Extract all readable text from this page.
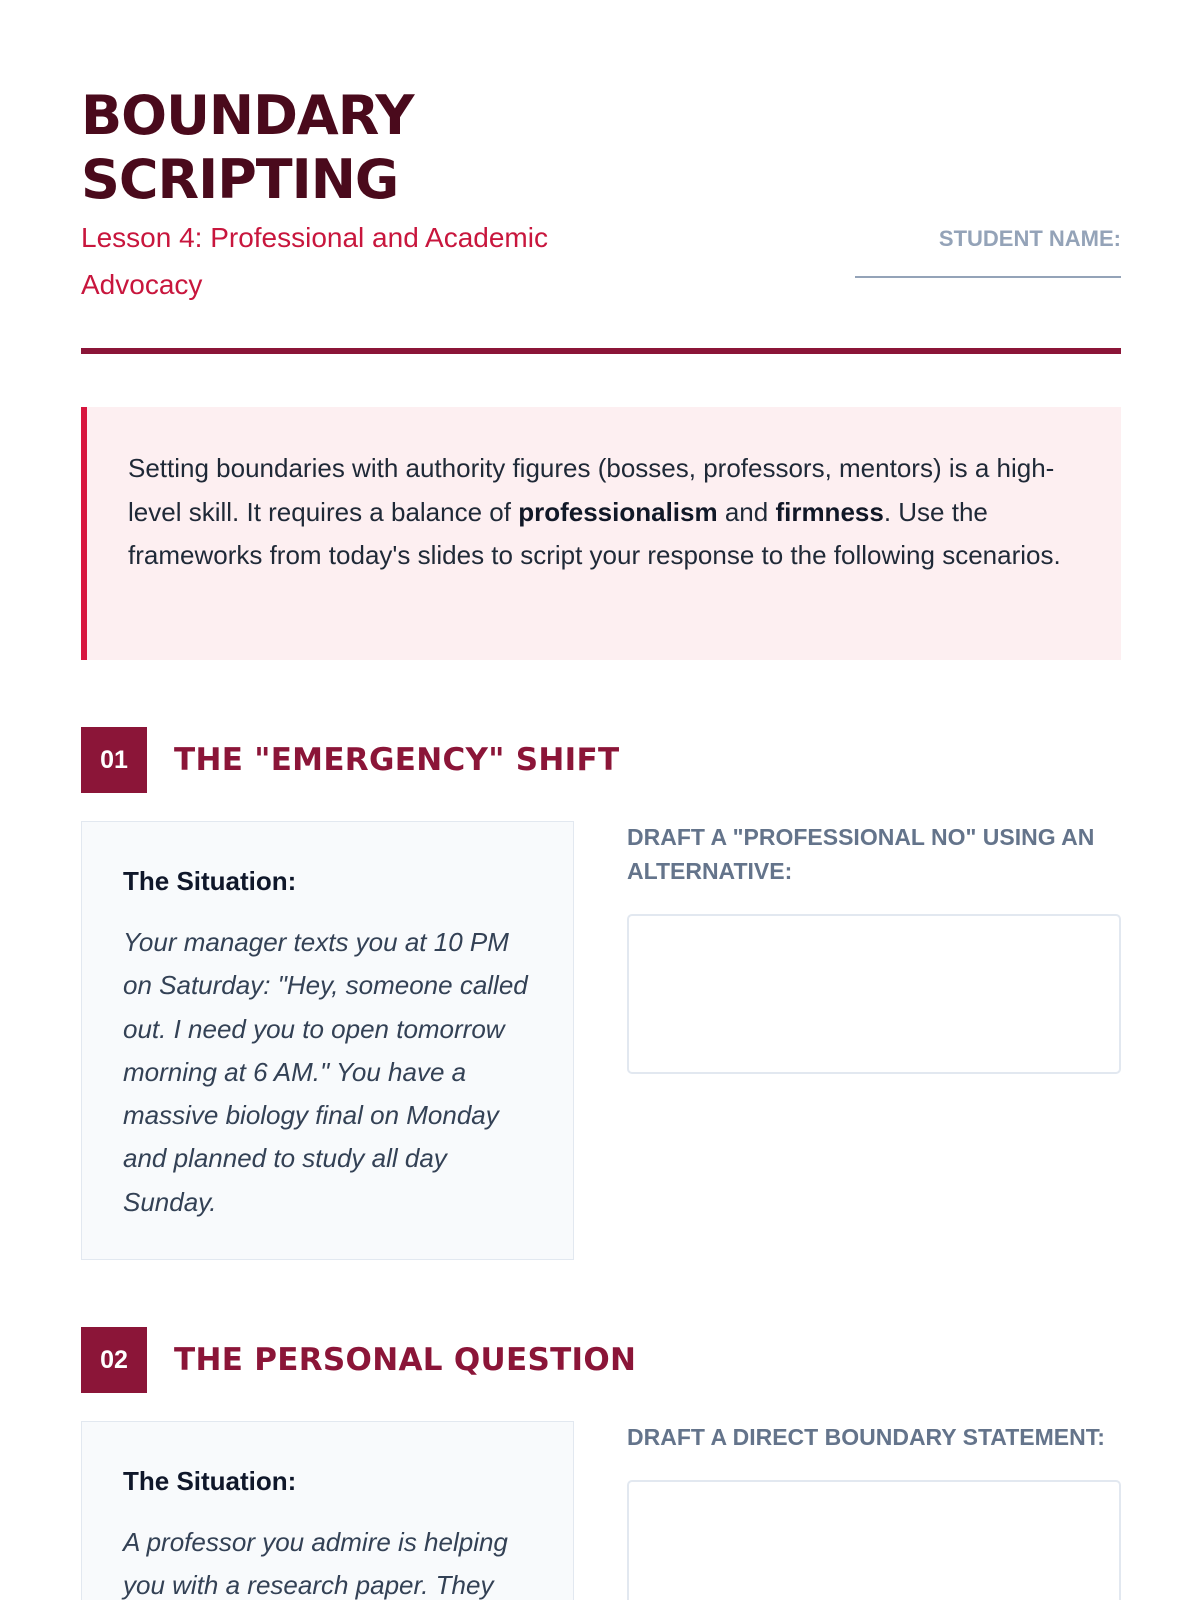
BOUNDARY
SCRIPTING
Lesson 4: Professional and Academic Advocacy
STUDENT NAME:
Setting boundaries with authority figures (bosses, professors, mentors) is a high-level skill. It requires a balance of professionalism and firmness. Use the frameworks from today's slides to script your response to the following scenarios.
01	THE "EMERGENCY" SHIFT
The Situation:
Your manager texts you at 10 PM on Saturday: "Hey, someone called out. I need you to open tomorrow morning at 6 AM." You have a massive biology final on Monday and planned to study all day Sunday.
DRAFT A "PROFESSIONAL NO" USING AN ALTERNATIVE:
02	THE PERSONAL QUESTION
The Situation:
A professor you admire is helping you with a research paper. They
DRAFT A DIRECT BOUNDARY STATEMENT:
